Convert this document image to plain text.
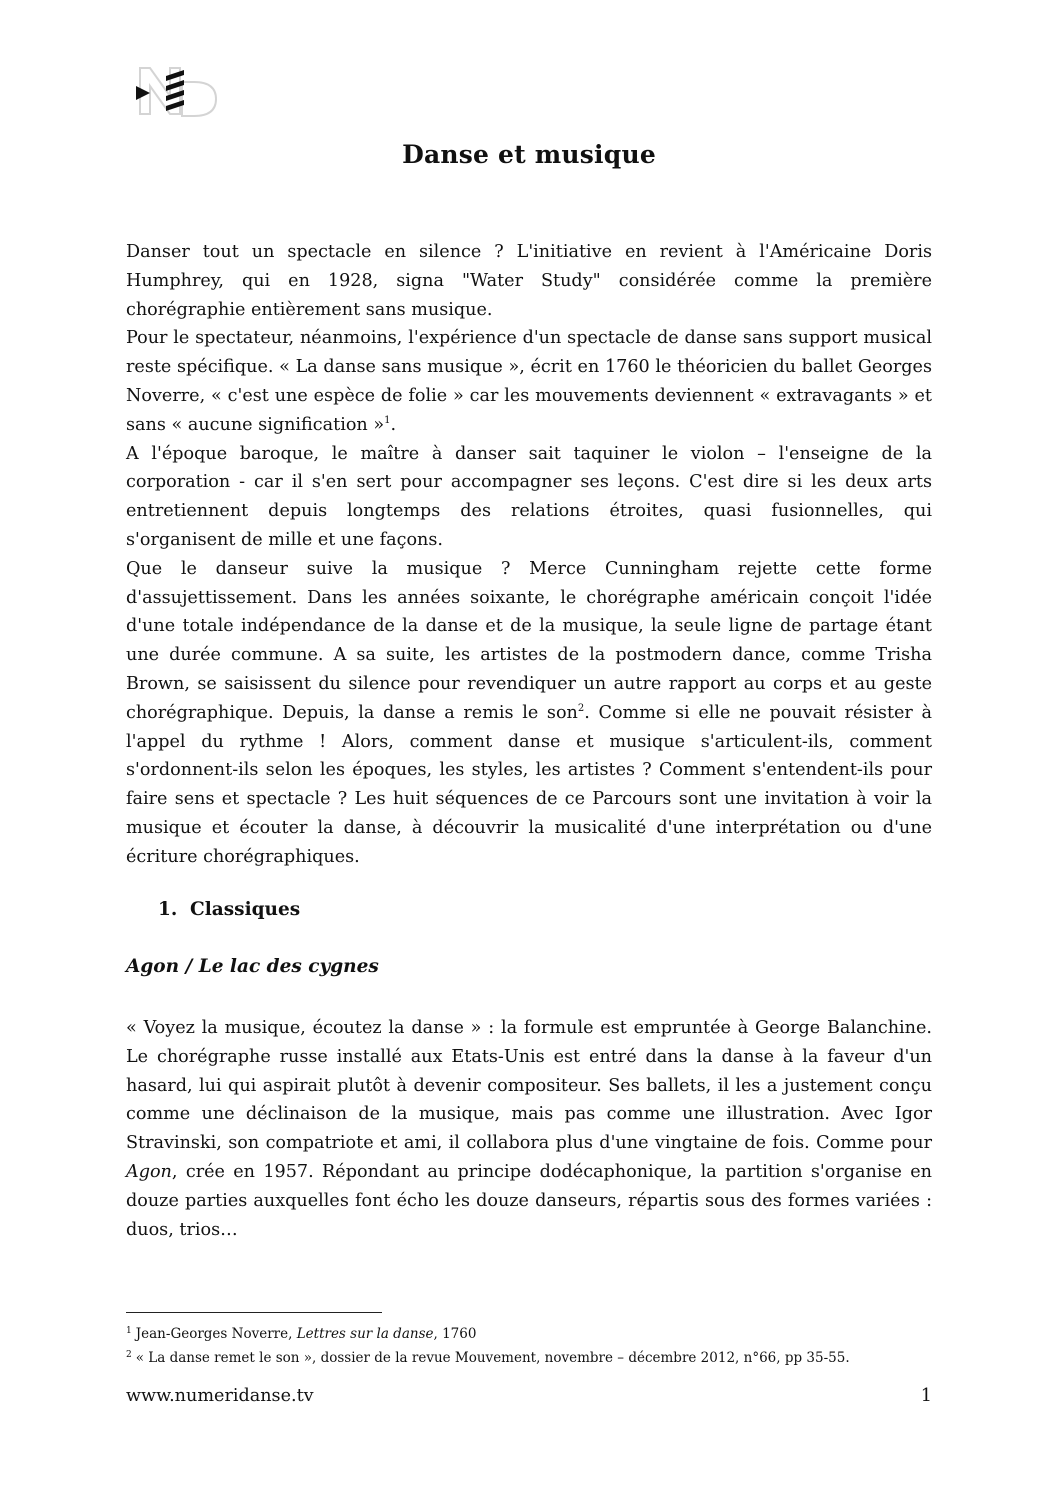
Danse et musique

Danser tout un spectacle en silence ? L'initiative en revient à l'Américaine Doris Humphrey, qui en 1928, signa "Water Study" considérée comme la première chorégraphie entièrement sans musique.

Pour le spectateur, néanmoins, l'expérience d'un spectacle de danse sans support musical reste spécifique. « La danse sans musique », écrit en 1760 le théoricien du ballet Georges Noverre, « c'est une espèce de folie » car les mouvements deviennent « extravagants » et sans « aucune signification »$^1$.

A l'époque baroque, le maître à danser sait taquiner le violon – l'enseigne de la corporation - car il s'en sert pour accompagner ses leçons. C'est dire si les deux arts entretiennent depuis longtemps des relations étroites, quasi fusionnelles, qui s'organisent de mille et une façons.

Que le danseur suive la musique ? Merce Cunningham rejette cette forme d'assujettissement. Dans les années soixante, le chorégraphe américain conçoit l'idée d'une totale indépendance de la danse et de la musique, la seule ligne de partage étant une durée commune. A sa suite, les artistes de la postmodern dance, comme Trisha Brown, se saisissent du silence pour revendiquer un autre rapport au corps et au geste chorégraphique. Depuis, la danse a remis le son$^2$. Comme si elle ne pouvait résister à l'appel du rythme ! Alors, comment danse et musique s'articulent-ils, comment s'ordonnent-ils selon les époques, les styles, les artistes ? Comment s'entendent-ils pour faire sens et spectacle ? Les huit séquences de ce Parcours sont une invitation à voir la musique et écouter la danse, à découvrir la musicalité d'une interprétation ou d'une écriture chorégraphiques.

1. Classiques
Agon / Le lac des cygnes

« Voyez la musique, écoutez la danse » : la formule est empruntée à George Balanchine. Le chorégraphe russe installé aux Etats-Unis est entré dans la danse à la faveur d'un hasard, lui qui aspirait plutôt à devenir compositeur. Ses ballets, il les a justement conçu comme une déclinaison de la musique, mais pas comme une illustration. Avec Igor Stravinski, son compatriote et ami, il collabora plus d'une vingtaine de fois. Comme pour Agon, crée en 1957. Répondant au principe dodécaphonique, la partition s'organise en douze parties auxquelles font écho les douze danseurs, répartis sous des formes variées : duos, trios…

$^1$ Jean-Georges Noverre, Lettres sur la danse, 1760
$^2$ « La danse remet le son », dossier de la revue Mouvement, novembre – décembre 2012, n°66, pp 35-55.
www.numeridanse.tv	1
